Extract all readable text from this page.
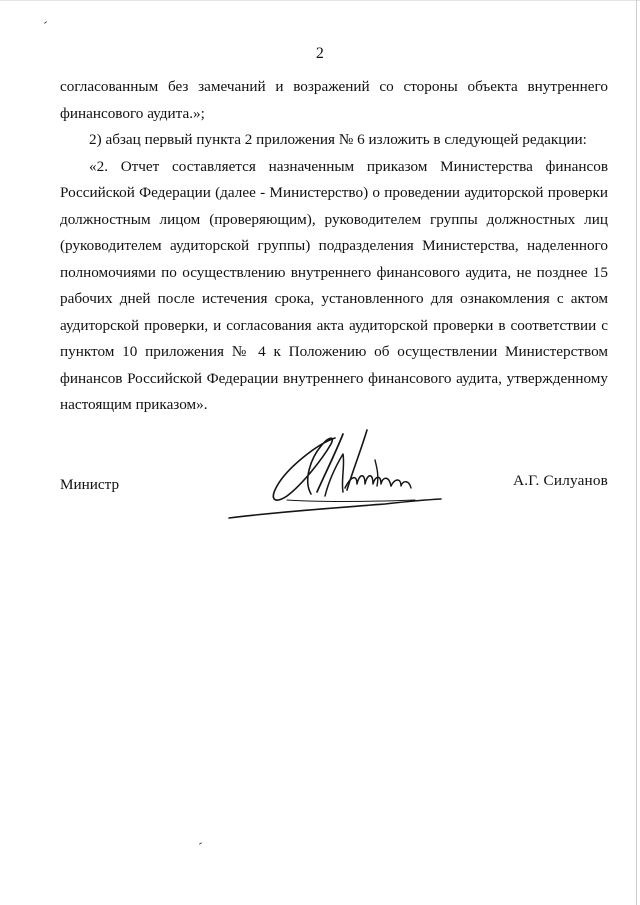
2

согласованным без замечаний и возражений со стороны объекта внутреннего финансового аудита.»;

2) абзац первый пункта 2 приложения № 6 изложить в следующей редакции:

«2. Отчет составляется назначенным приказом Министерства финансов Российской Федерации (далее - Министерство) о проведении аудиторской проверки должностным лицом (проверяющим), руководителем группы должностных лиц (руководителем аудиторской группы) подразделения Министерства, наделенного полномочиями по осуществлению внутреннего финансового аудита, не позднее 15 рабочих дней после истечения срока, установленного для ознакомления с актом аудиторской проверки, и согласования акта аудиторской проверки в соответствии с пунктом 10 приложения № 4 к Положению об осуществлении Министерством финансов Российской Федерации внутреннего финансового аудита, утвержденному настоящим приказом».

Министр	А.Г. Силуанов
